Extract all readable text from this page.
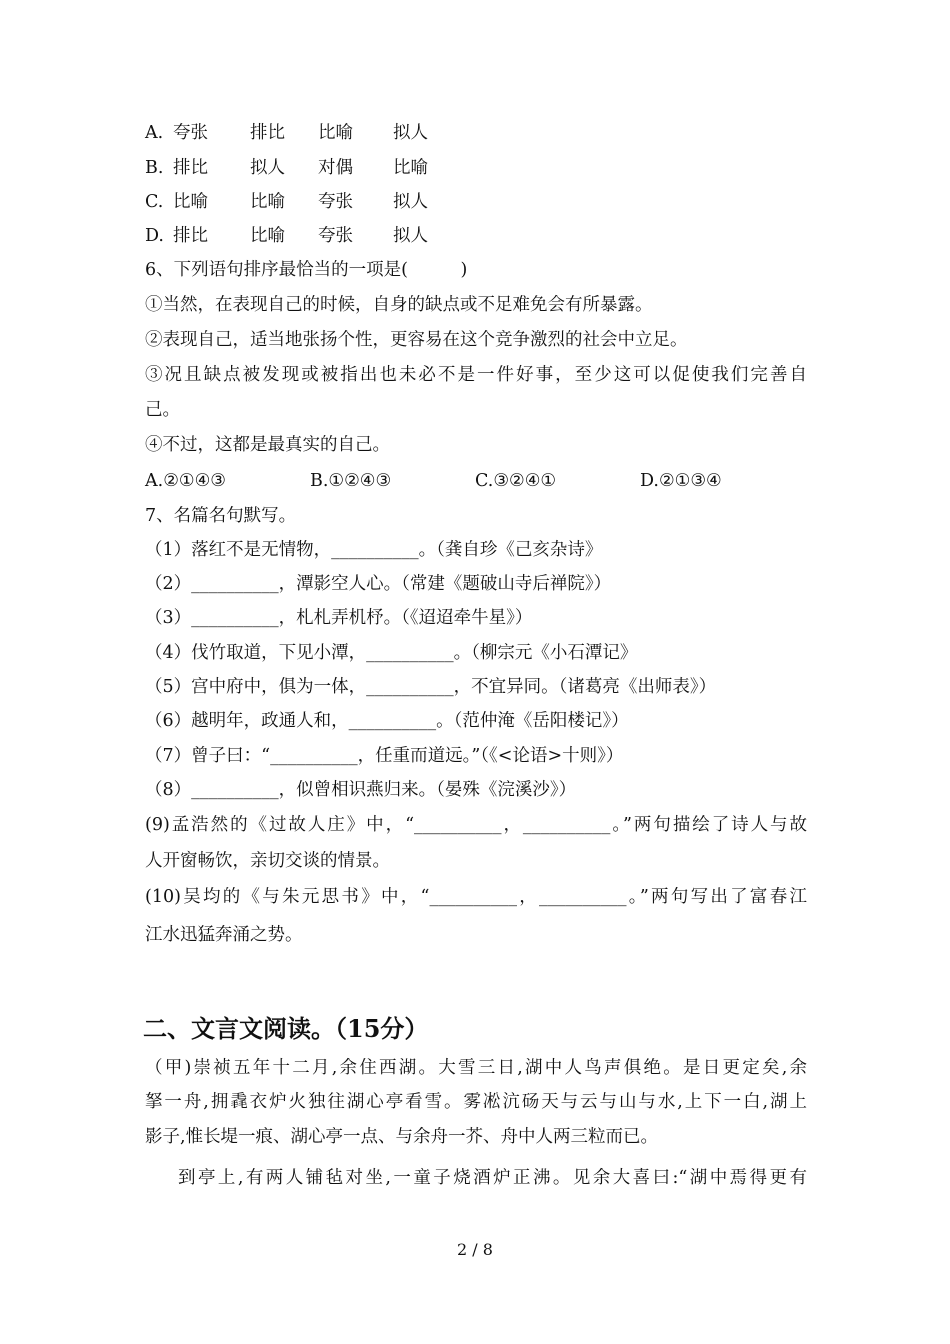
A. 夸张 排比 比喻 拟人
B. 排比 拟人 对偶 比喻
C. 比喻 比喻 夸张 拟人
D. 排比 比喻 夸张 拟人
6、下列语句排序最恰当的一项是(　　　)
①当然，在表现自己的时候，自身的缺点或不足难免会有所暴露。
②表现自己，适当地张扬个性，更容易在这个竞争激烈的社会中立足。
③况且缺点被发现或被指出也未必不是一件好事，至少这可以促使我们完善自
己。
④不过，这都是最真实的自己。
A.②①④③	B.①②④③	C.③②④①	D.②①③④
7、名篇名句默写。
（1）落红不是无情物，__________。（龚自珍《己亥杂诗》
（2）__________，潭影空人心。（常建《题破山寺后禅院》）
（3）__________，札札弄机杼。（《迢迢牵牛星》）
（4）伐竹取道，下见小潭，__________。（柳宗元《小石潭记》
（5）宫中府中，俱为一体，__________，不宜异同。（诸葛亮《出师表》）
（6）越明年，政通人和，__________。（范仲淹《岳阳楼记》）
（7）曾子曰：“__________，任重而道远。”（《<论语>十则》）
（8）__________，似曾相识燕归来。（晏殊《浣溪沙》）
(9)孟浩然的《过故人庄》中，“__________，__________。”两句描绘了诗人与故
人开窗畅饮，亲切交谈的情景。
(10)吴均的《与朱元思书》中，“__________，__________。”两句写出了富春江
江水迅猛奔涌之势。
二、文言文阅读。（15分）
（甲)崇祯五年十二月,余住西湖。大雪三日,湖中人鸟声俱绝。是日更定矣,余
拏一舟,拥毳衣炉火独往湖心亭看雪。雾凇沆砀天与云与山与水,上下一白,湖上
影子,惟长堤一痕、湖心亭一点、与余舟一芥、舟中人两三粒而已。
到亭上,有两人铺毡对坐,一童子烧酒炉正沸。见余大喜曰:“湖中焉得更有
2 / 8
